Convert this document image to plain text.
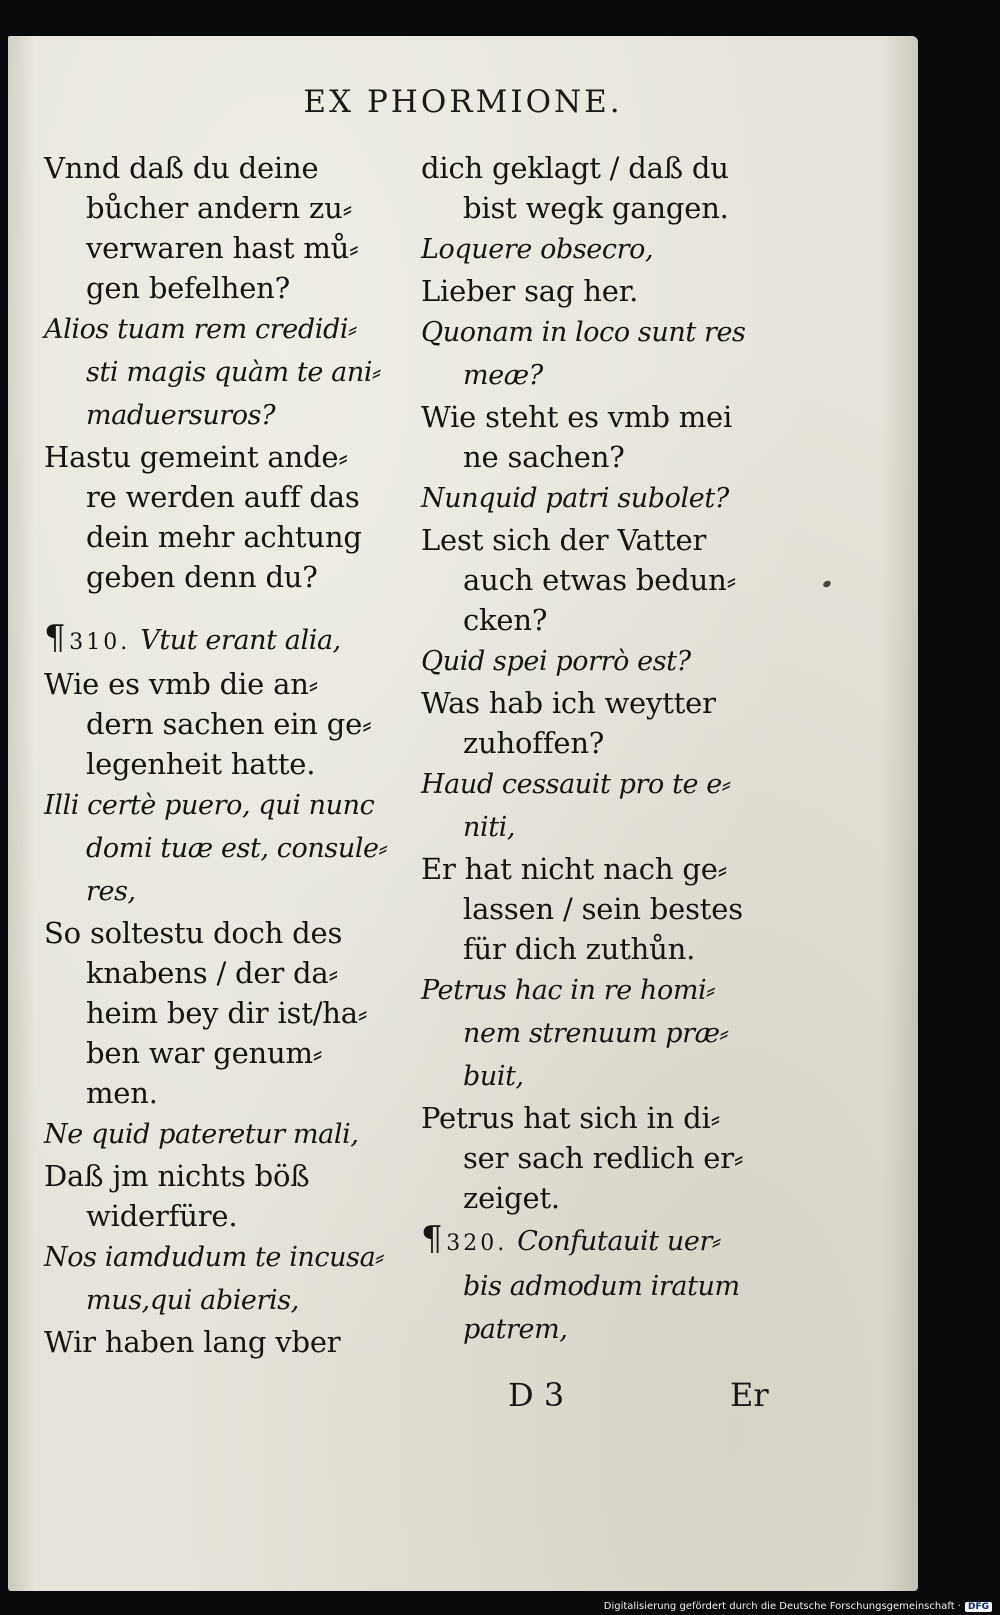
EX PHORMIONE.
Vnnd daß du deine
bůcher andern zu⸗
verwaren hast mů⸗
gen befelhen?
Alios tuam rem credidi⸗
sti magis quàm te ani⸗
maduersuros?
Hastu gemeint ande⸗
re werden auff das
dein mehr achtung
geben denn du?
¶ 310. Vtut erant alia,
Wie es vmb die an⸗
dern sachen ein ge⸗
legenheit hatte.
Illi certè puero, qui nunc
domi tuæ est, consule⸗
res,
So soltestu doch des
knabens / der da⸗
heim bey dir ist/ha⸗
ben war genum⸗
men.
Ne quid pateretur mali,
Daß jm nichts böß
widerfüre.
Nos iamdudum te incusa⸗
mus,qui abieris,
Wir haben lang vber
dich geklagt / daß du
bist wegk gangen.
Loquere obsecro,
Lieber sag her.
Quonam in loco sunt res
meæ?
Wie steht es vmb mei
ne sachen?
Nunquid patri subolet?
Lest sich der Vatter
auch etwas bedun⸗
cken?
Quid spei porrò est?
Was hab ich weytter
zuhoffen?
Haud cessauit pro te e⸗
niti,
Er hat nicht nach ge⸗
lassen / sein bestes
für dich zuthůn.
Petrus hac in re homi⸗
nem strenuum præ⸗
buit,
Petrus hat sich in di⸗
ser sach redlich er⸗
zeiget.
¶ 320. Confutauit uer⸗
bis admodum iratum
patrem,
D 3	Er
Digitalisierung gefördert durch die Deutsche Forschungsgemeinschaft · DFG
